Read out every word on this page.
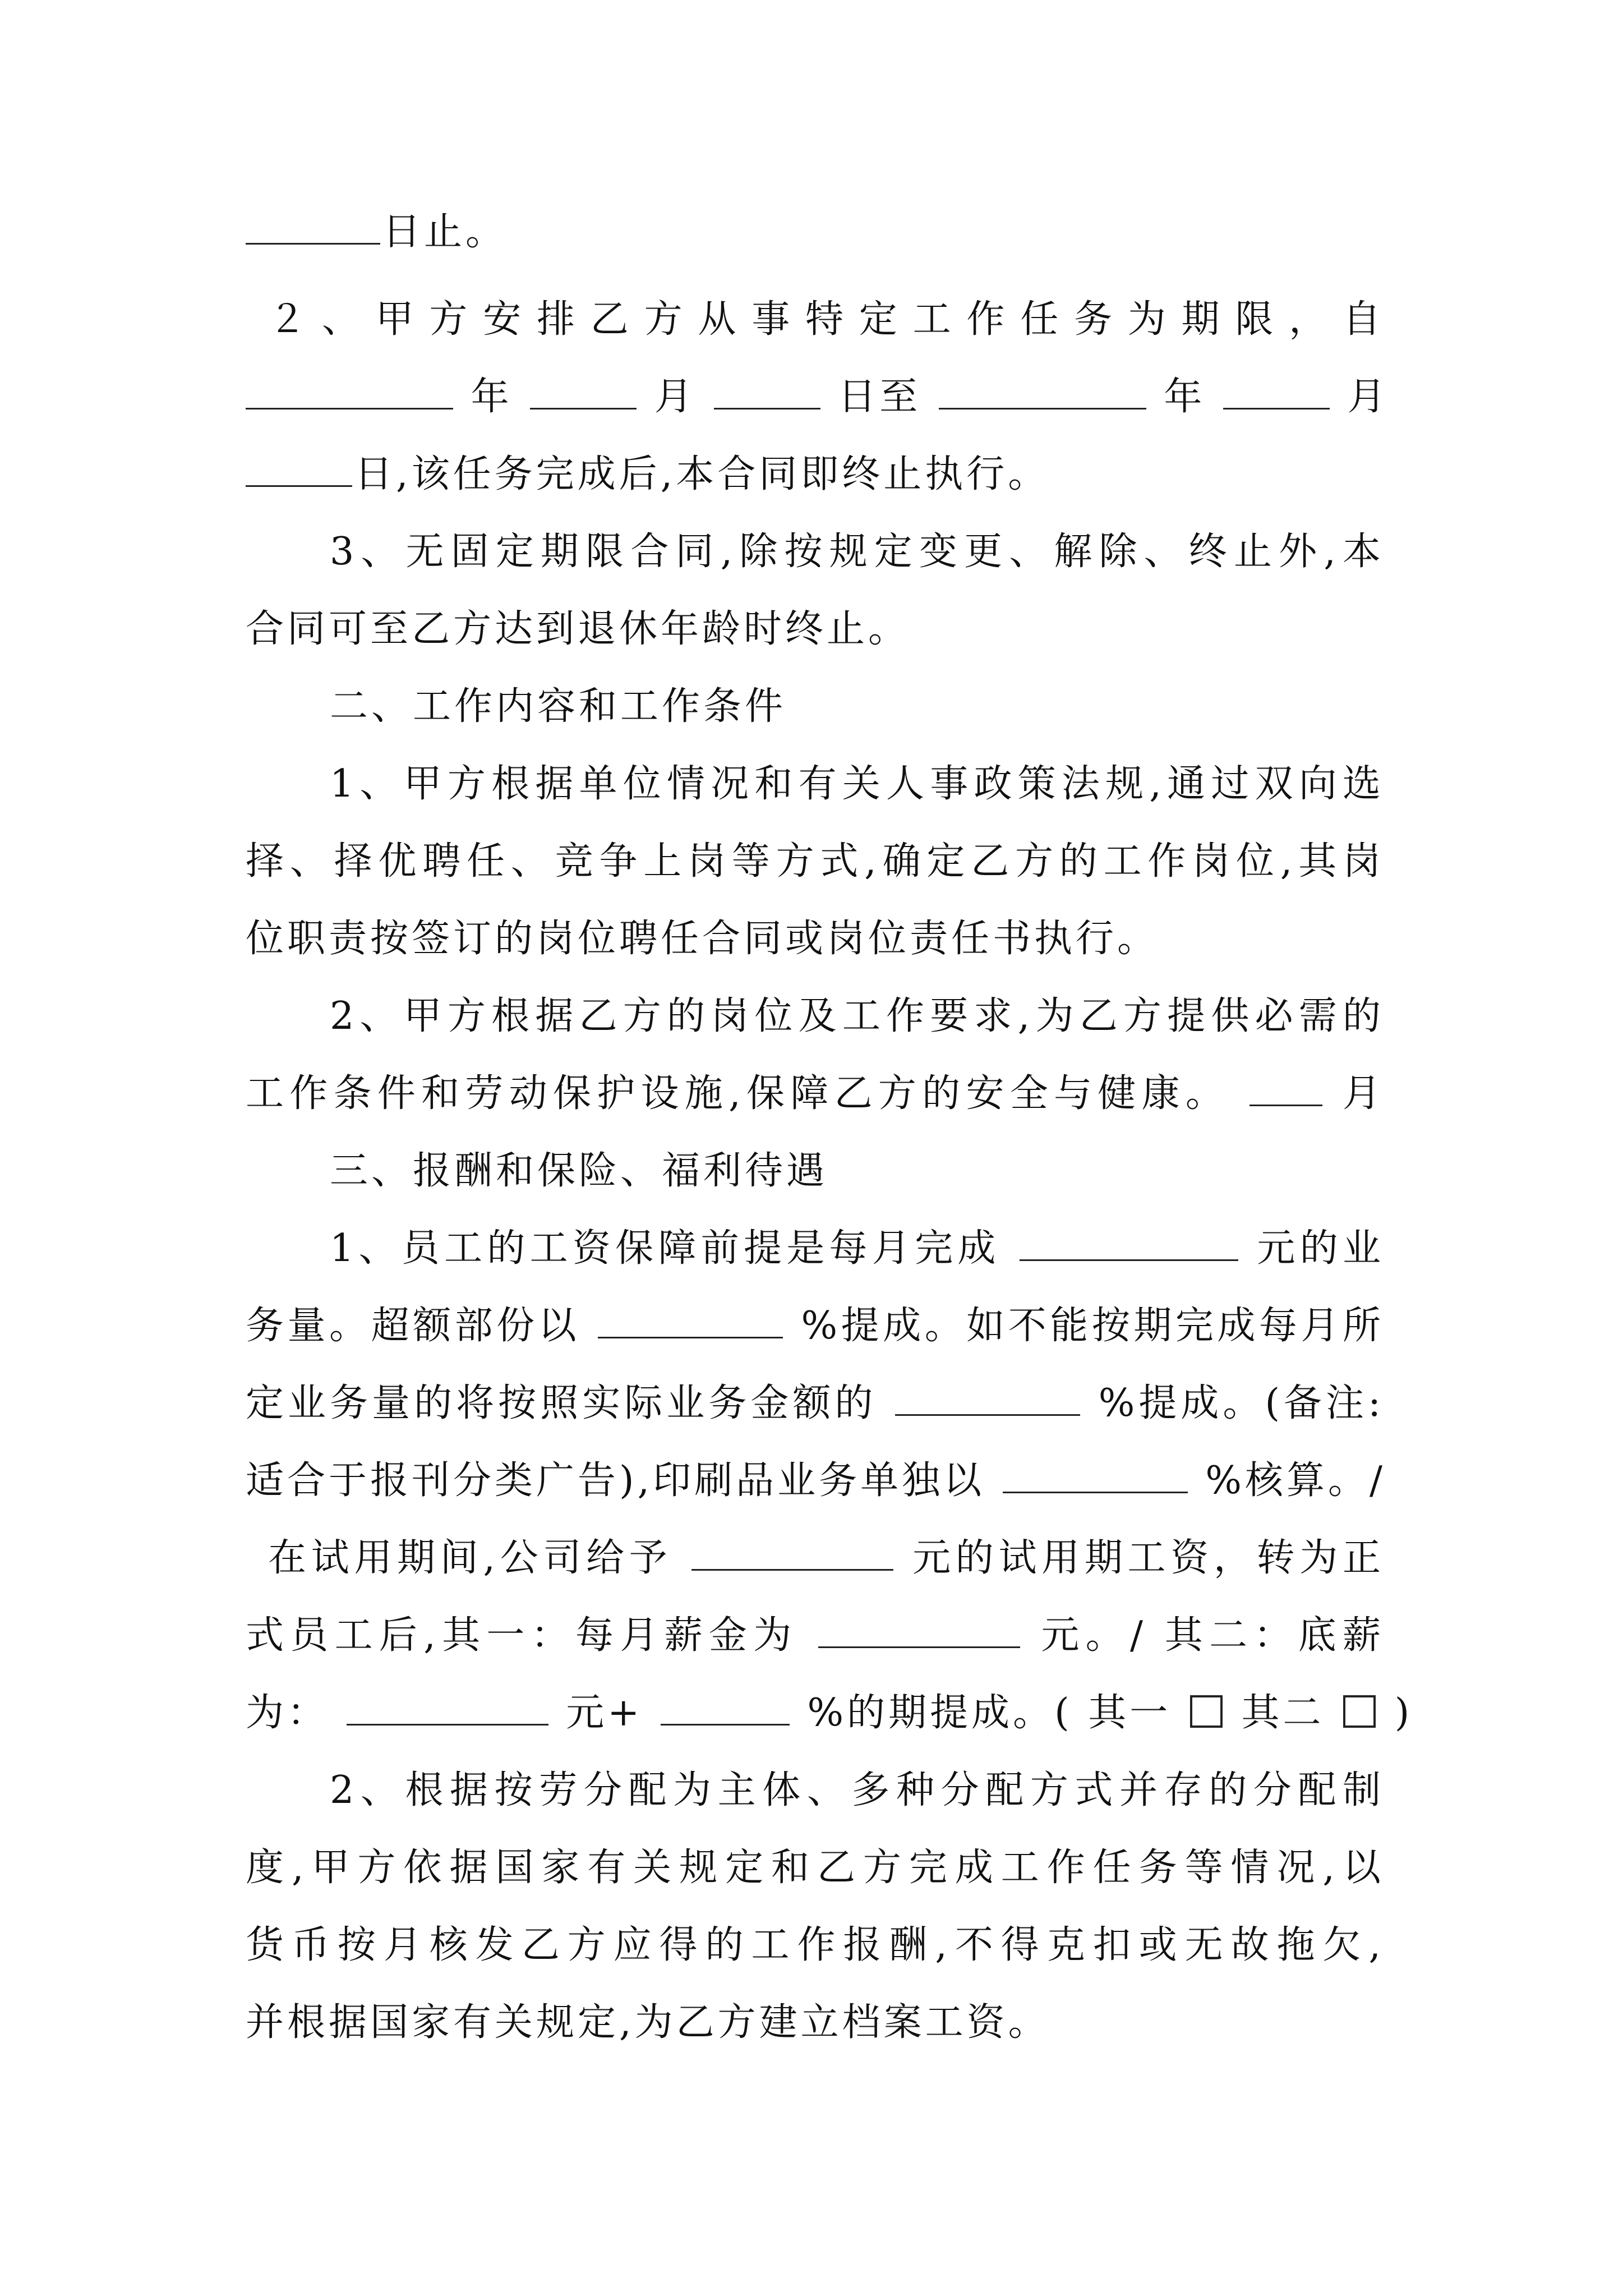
日止。
２、甲方安排乙方从事特定工作任务为期限，自
年	月	日至	年	月
日,该任务完成后,本合同即终止执行。
3、无固定期限合同,除按规定变更、解除、终止外,本
合同可至乙方达到退休年龄时终止。
二、工作内容和工作条件
1、甲方根据单位情况和有关人事政策法规,通过双向选
择、择优聘任、竞争上岗等方式,确定乙方的工作岗位,其岗
位职责按签订的岗位聘任合同或岗位责任书执行。
2、甲方根据乙方的岗位及工作要求,为乙方提供必需的
工作条件和劳动保护设施,保障乙方的安全与健康。	月
三、报酬和保险、福利待遇
1、员工的工资保障前提是每月完成	元的业
务量。超额部份以	%提成。如不能按期完成每月所
定业务量的将按照实际业务金额的	%提成。(备注:
适合于报刊分类广告),印刷品业务单独以	%核算。/
在试用期间,公司给予	元的试用期工资，转为正
式员工后,其一：每月薪金为	元。/ 其二：底薪
为：	元+	%的期提成。( 其一 其二 )
2、根据按劳分配为主体、多种分配方式并存的分配制
度,甲方依据国家有关规定和乙方完成工作任务等情况,以
货币按月核发乙方应得的工作报酬,不得克扣或无故拖欠,
并根据国家有关规定,为乙方建立档案工资。
